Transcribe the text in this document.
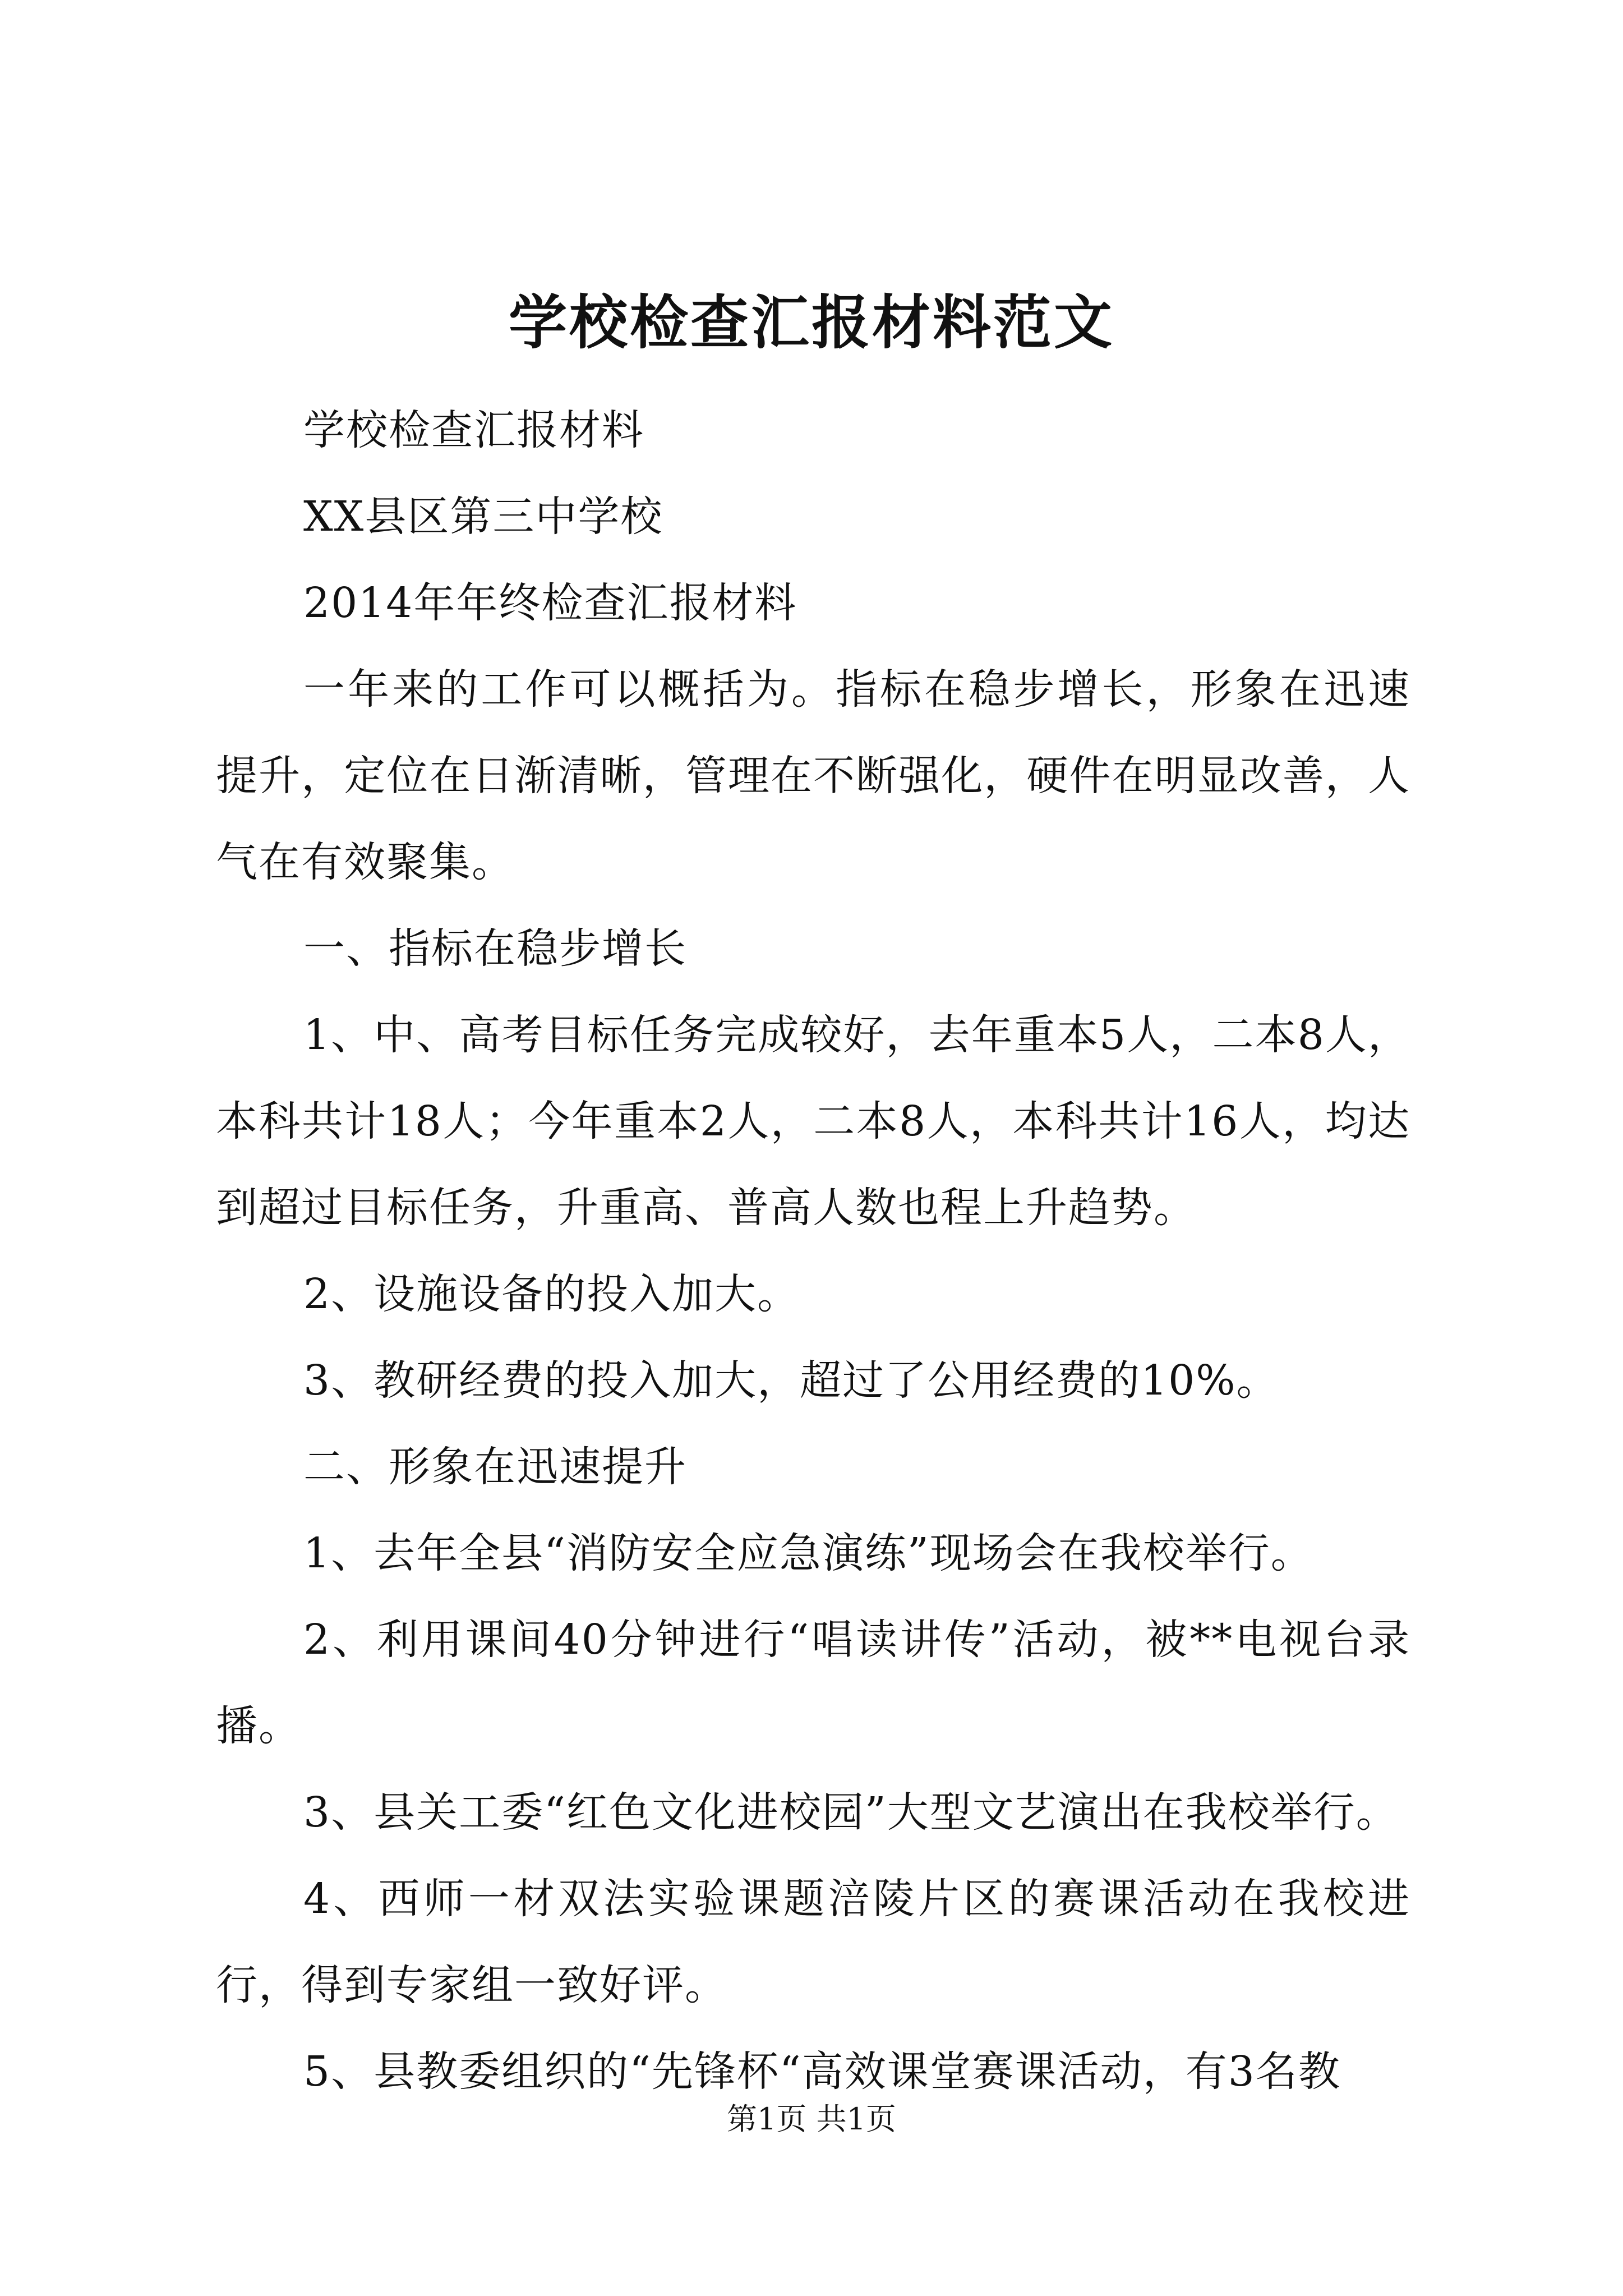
学校检查汇报材料范文

学校检查汇报材料

XX县区第三中学校

2014年年终检查汇报材料

一年来的工作可以概括为。指标在稳步增长，形象在迅速提升，定位在日渐清晰，管理在不断强化，硬件在明显改善，人气在有效聚集。

一、指标在稳步增长

1、中、高考目标任务完成较好，去年重本5人，二本8人，本科共计18人；今年重本2人，二本8人，本科共计16人，均达到超过目标任务，升重高、普高人数也程上升趋势。

2、设施设备的投入加大。

3、教研经费的投入加大，超过了公用经费的10%。

二、形象在迅速提升

1、去年全县“消防安全应急演练”现场会在我校举行。

2、利用课间40分钟进行“唱读讲传”活动，被**电视台录播。

3、县关工委“红色文化进校园”大型文艺演出在我校举行。

4、西师一材双法实验课题涪陵片区的赛课活动在我校进行，得到专家组一致好评。

5、县教委组织的“先锋杯“高效课堂赛课活动，有3名教

第1页 共1页
